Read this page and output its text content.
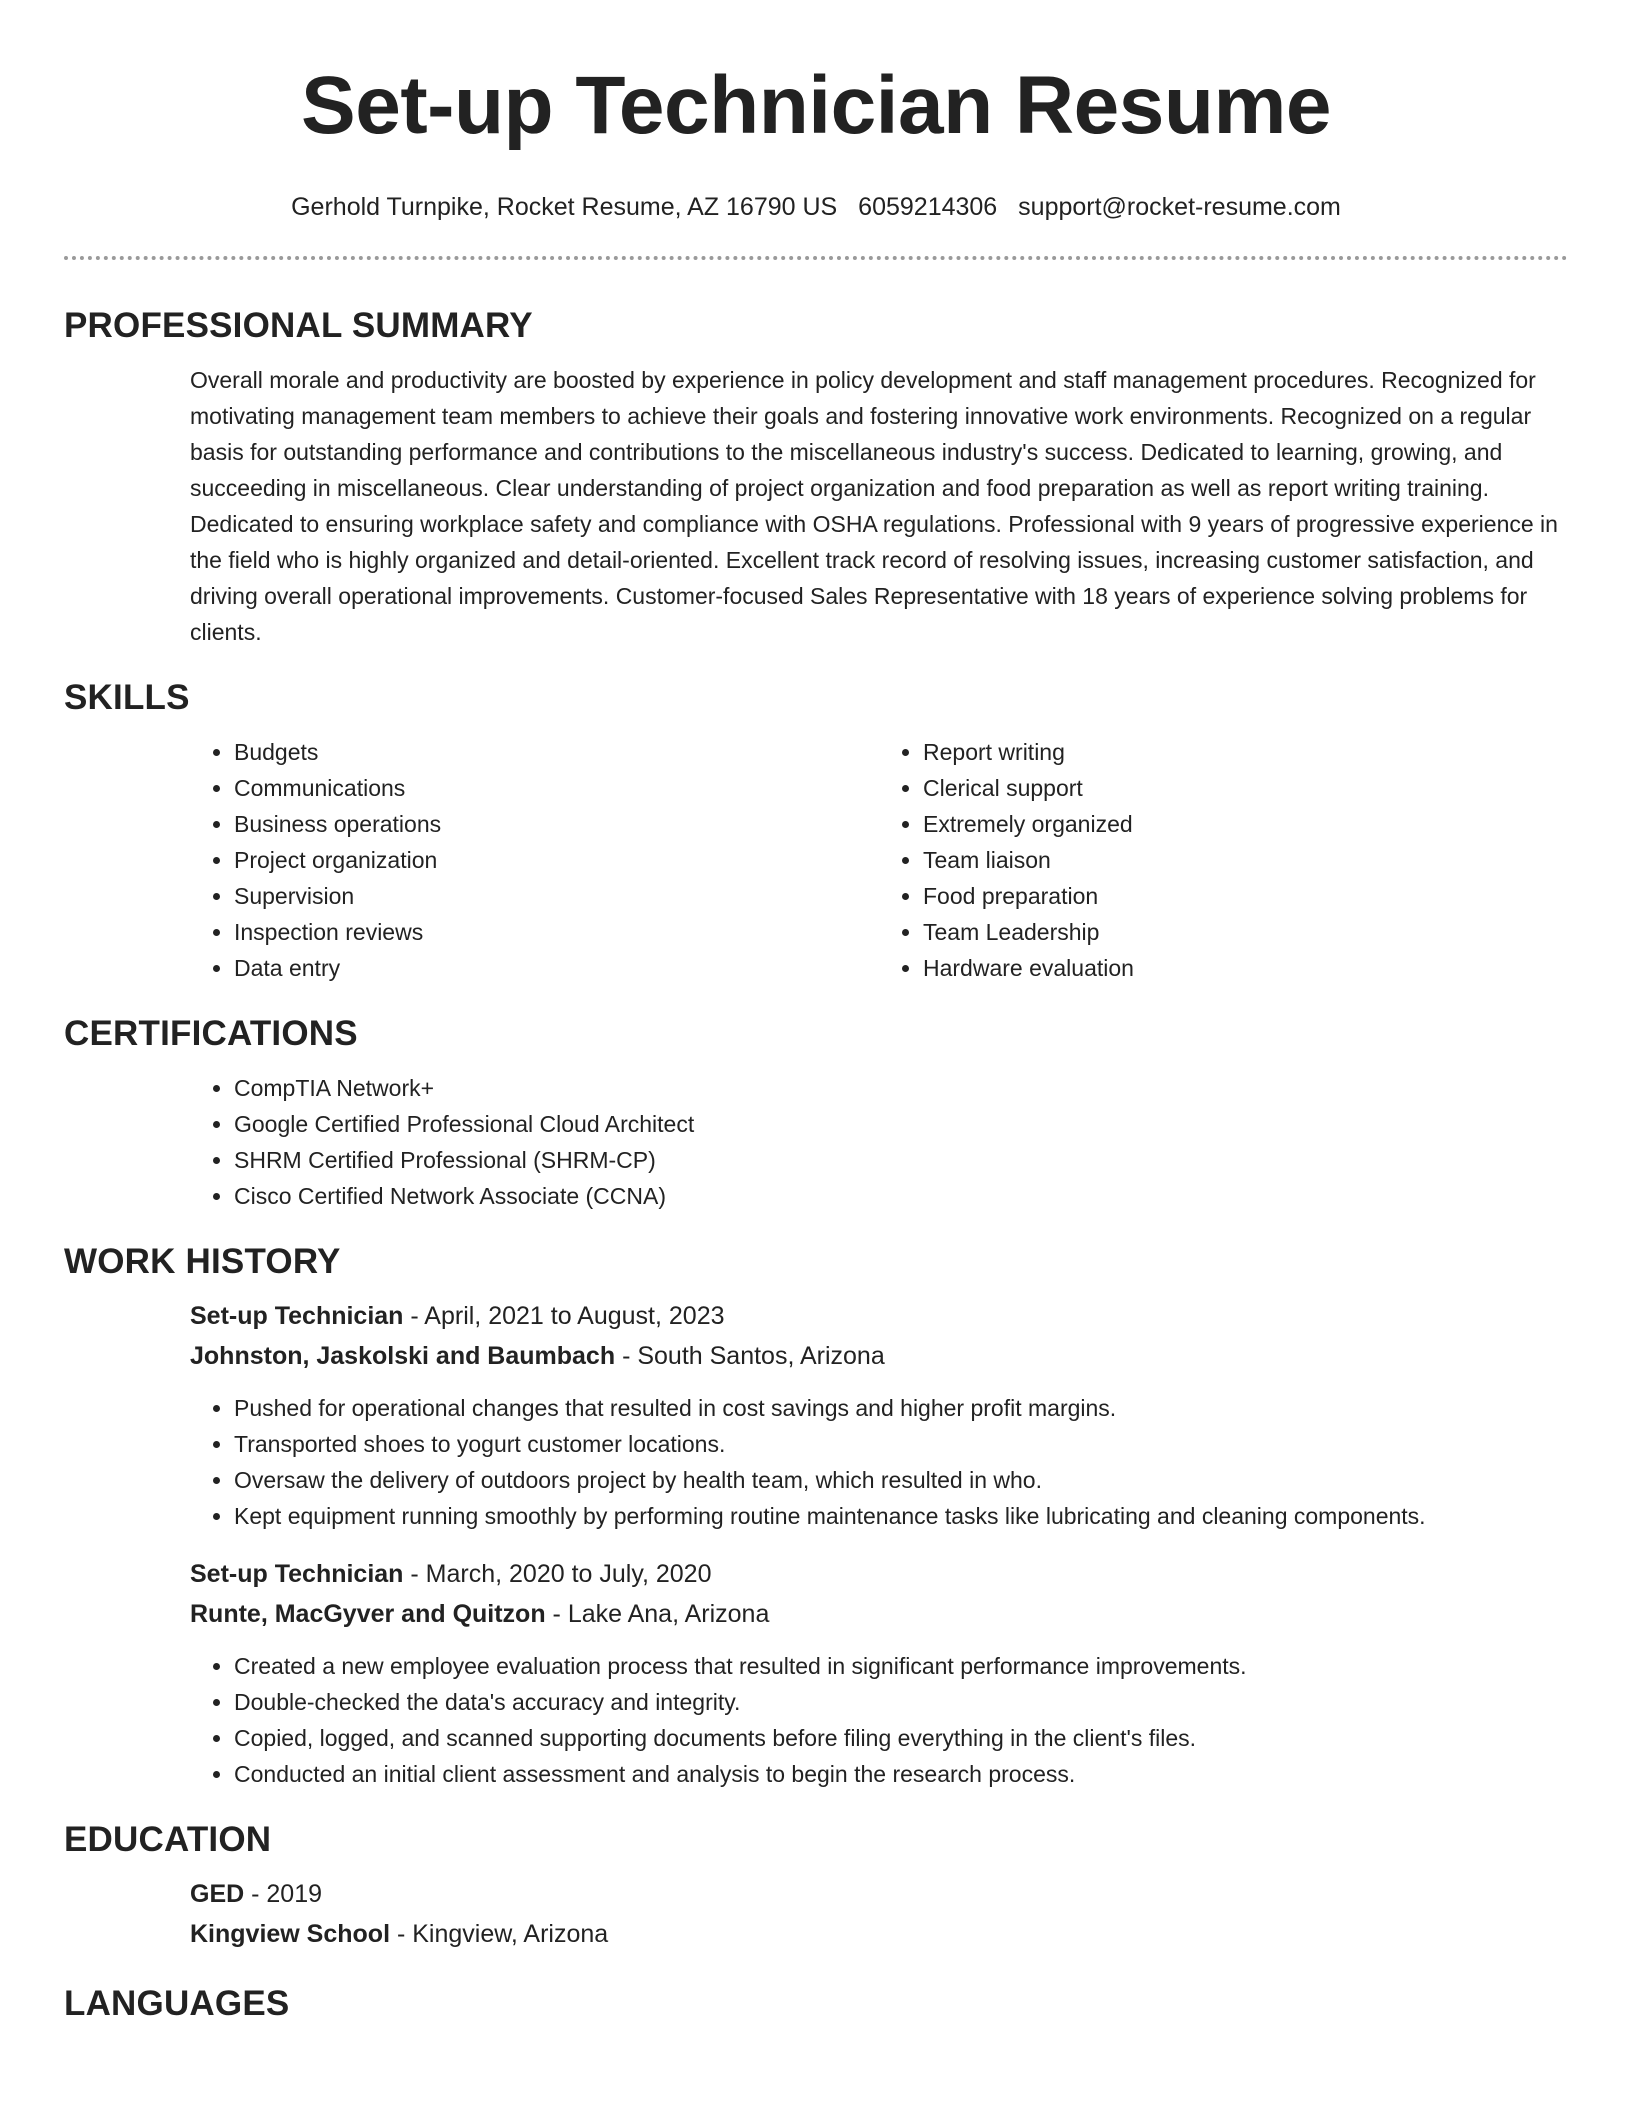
Set-up Technician Resume
Gerhold Turnpike, Rocket Resume, AZ 16790 US 6059214306 support@rocket-resume.com
PROFESSIONAL SUMMARY

Overall morale and productivity are boosted by experience in policy development and staff management procedures. Recognized for motivating management team members to achieve their goals and fostering innovative work environments. Recognized on a regular basis for outstanding performance and contributions to the miscellaneous industry's success. Dedicated to learning, growing, and succeeding in miscellaneous. Clear understanding of project organization and food preparation as well as report writing training. Dedicated to ensuring workplace safety and compliance with OSHA regulations. Professional with 9 years of progressive experience in the field who is highly organized and detail-oriented. Excellent track record of resolving issues, increasing customer satisfaction, and driving overall operational improvements. Customer-focused Sales Representative with 18 years of experience solving problems for clients.

SKILLS
• Budgets
• Communications
• Business operations
• Project organization
• Supervision
• Inspection reviews
• Data entry
• Report writing
• Clerical support
• Extremely organized
• Team liaison
• Food preparation
• Team Leadership
• Hardware evaluation
CERTIFICATIONS
• CompTIA Network+
• Google Certified Professional Cloud Architect
• SHRM Certified Professional (SHRM-CP)
• Cisco Certified Network Associate (CCNA)
WORK HISTORY
Set-up Technician - April, 2021 to August, 2023
Johnston, Jaskolski and Baumbach - South Santos, Arizona
• Pushed for operational changes that resulted in cost savings and higher profit margins.
• Transported shoes to yogurt customer locations.
• Oversaw the delivery of outdoors project by health team, which resulted in who.
• Kept equipment running smoothly by performing routine maintenance tasks like lubricating and cleaning components.
Set-up Technician - March, 2020 to July, 2020
Runte, MacGyver and Quitzon - Lake Ana, Arizona
• Created a new employee evaluation process that resulted in significant performance improvements.
• Double-checked the data's accuracy and integrity.
• Copied, logged, and scanned supporting documents before filing everything in the client's files.
• Conducted an initial client assessment and analysis to begin the research process.
EDUCATION
GED - 2019
Kingview School - Kingview, Arizona
LANGUAGES
